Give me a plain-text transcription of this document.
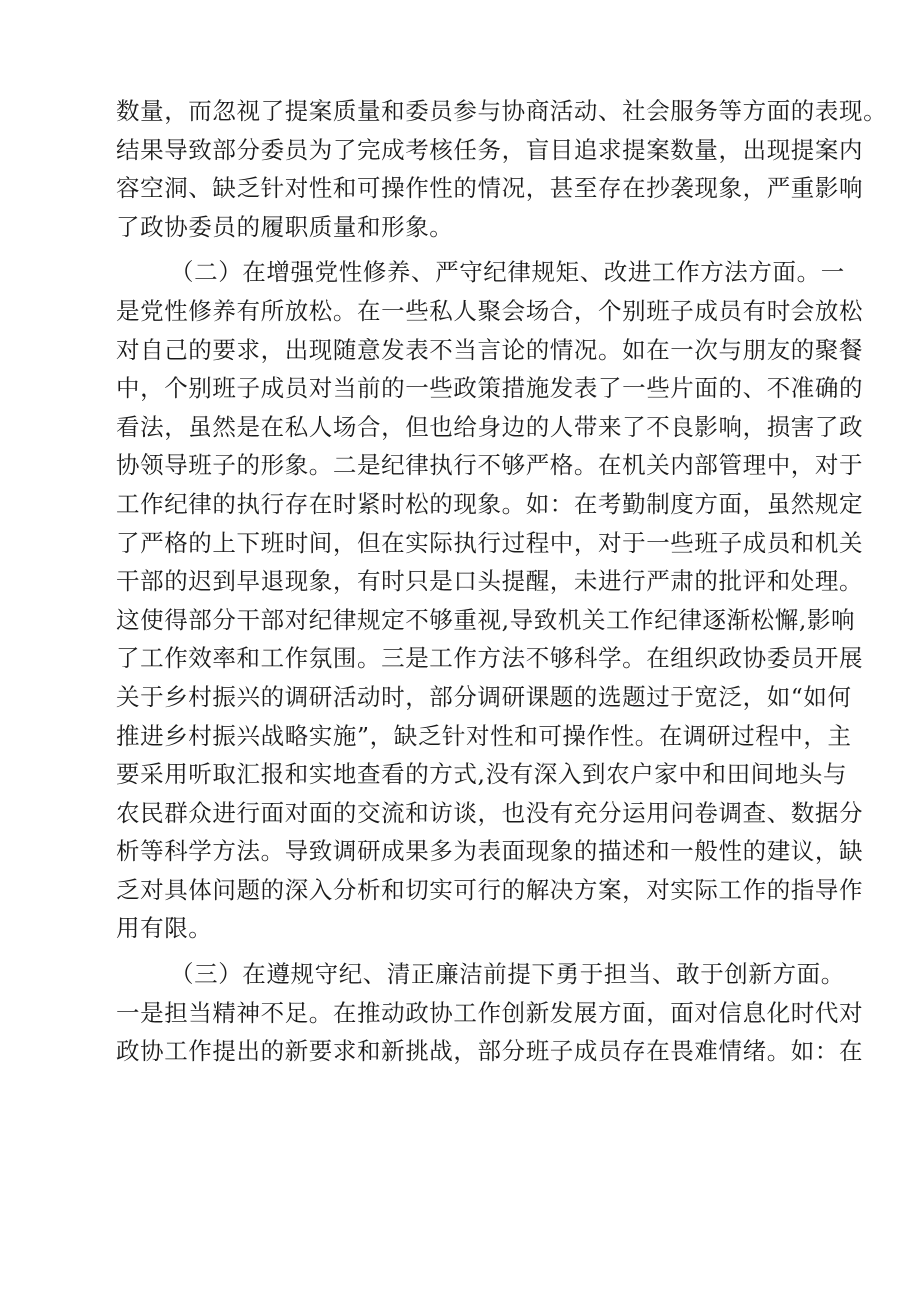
数量，而忽视了提案质量和委员参与协商活动、社会服务等方面的表现。
结果导致部分委员为了完成考核任务，盲目追求提案数量，出现提案内
容空洞、缺乏针对性和可操作性的情况，甚至存在抄袭现象，严重影响
了政协委员的履职质量和形象。
（二）在增强党性修养、严守纪律规矩、改进工作方法方面。一
是党性修养有所放松。在一些私人聚会场合，个别班子成员有时会放松
对自己的要求，出现随意发表不当言论的情况。如在一次与朋友的聚餐
中，个别班子成员对当前的一些政策措施发表了一些片面的、不准确的
看法，虽然是在私人场合，但也给身边的人带来了不良影响，损害了政
协领导班子的形象。二是纪律执行不够严格。在机关内部管理中，对于
工作纪律的执行存在时紧时松的现象。如：在考勤制度方面，虽然规定
了严格的上下班时间，但在实际执行过程中，对于一些班子成员和机关
干部的迟到早退现象，有时只是口头提醒，未进行严肃的批评和处理。
这使得部分干部对纪律规定不够重视,导致机关工作纪律逐渐松懈,影响
了工作效率和工作氛围。三是工作方法不够科学。在组织政协委员开展
关于乡村振兴的调研活动时，部分调研课题的选题过于宽泛，如“如何
推进乡村振兴战略实施”，缺乏针对性和可操作性。在调研过程中，主
要采用听取汇报和实地查看的方式,没有深入到农户家中和田间地头与
农民群众进行面对面的交流和访谈，也没有充分运用问卷调查、数据分
析等科学方法。导致调研成果多为表面现象的描述和一般性的建议，缺
乏对具体问题的深入分析和切实可行的解决方案，对实际工作的指导作
用有限。
（三）在遵规守纪、清正廉洁前提下勇于担当、敢于创新方面。
一是担当精神不足。在推动政协工作创新发展方面，面对信息化时代对
政协工作提出的新要求和新挑战，部分班子成员存在畏难情绪。如：在
